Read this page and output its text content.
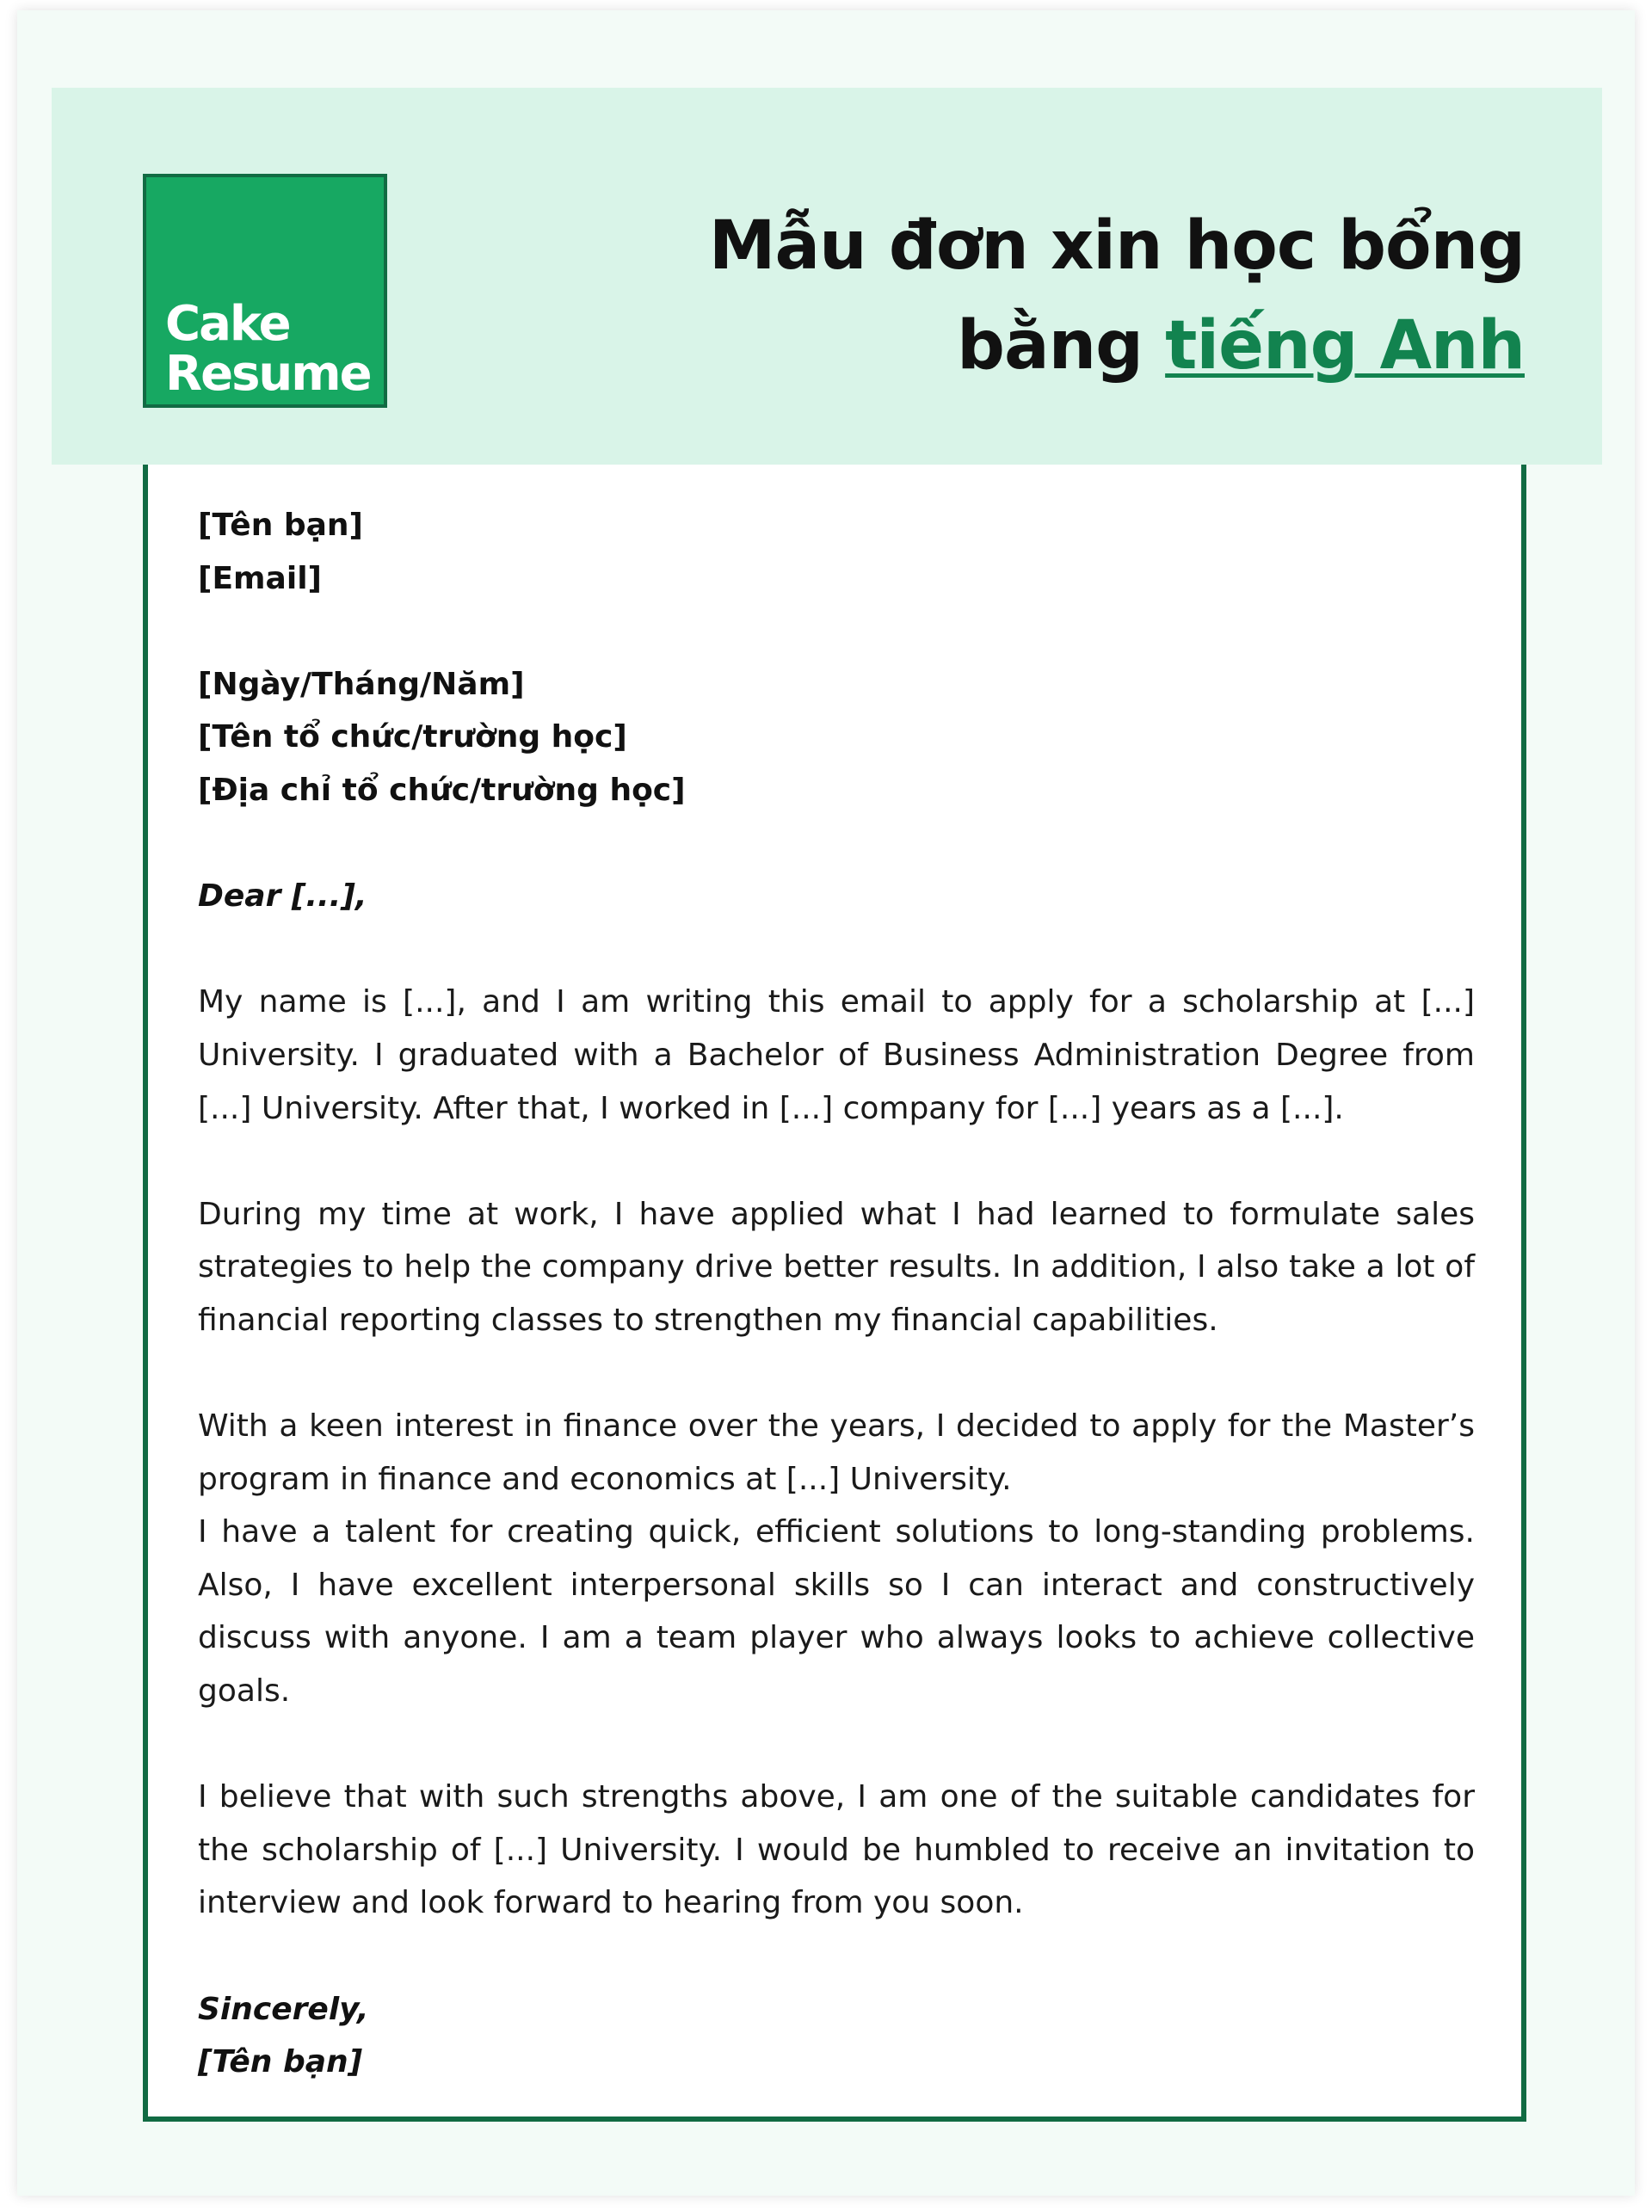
Cake
Resume
Mẫu đơn xin học bổng
bằng tiếng Anh

[Tên bạn]

[Email]

[Ngày/Tháng/Năm]

[Tên tổ chức/trường học]

[Địa chỉ tổ chức/trường học]

Dear [...],

My name is [...], and I am writing this email to apply for a scholarship at [...] University. I graduated with a Bachelor of Business Administration Degree from [...] University. After that, I worked in [...] company for [...] years as a [...].

During my time at work, I have applied what I had learned to formulate sales strategies to help the company drive better results. In addition, I also take a lot of financial reporting classes to strengthen my financial capabilities.

With a keen interest in finance over the years, I decided to apply for the Master’s program in finance and economics at [...] University.

I have a talent for creating quick, efficient solutions to long-standing problems. Also, I have excellent interpersonal skills so I can interact and constructively discuss with anyone. I am a team player who always looks to achieve collective goals.

I believe that with such strengths above, I am one of the suitable candidates for the scholarship of [...] University. I would be humbled to receive an invitation to interview and look forward to hearing from you soon.

Sincerely,

[Tên bạn]
